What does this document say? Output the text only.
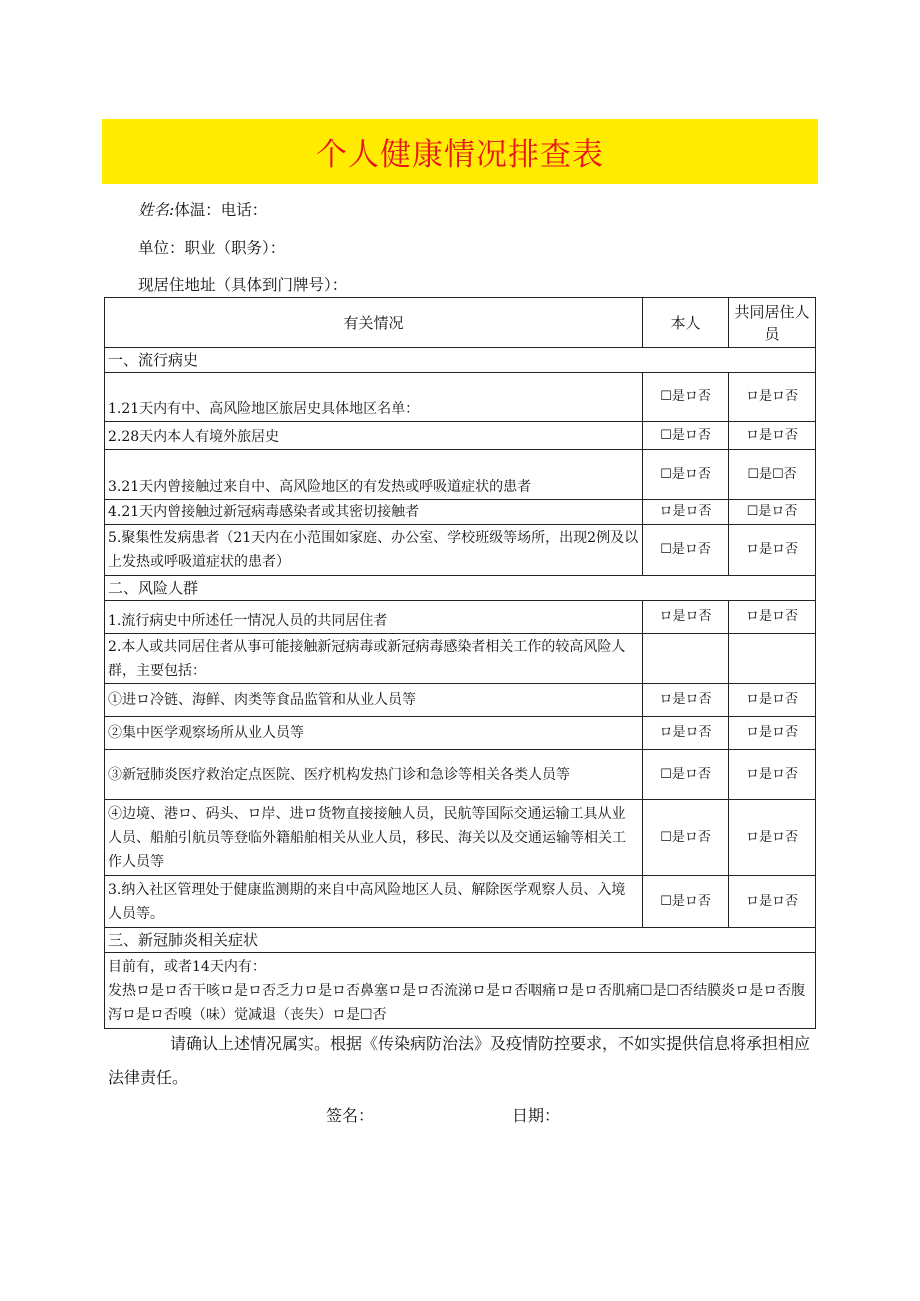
个人健康情况排查表
姓名:体温：电话：
单位：职业（职务）：
现居住地址（具体到门牌号）：
有关情况	本人	共同居住人员
一、流行病史		
1.21天内有中、高风险地区旅居史具体地区名单：	☐是ロ否	ロ是ロ否
2.28天内本人有境外旅居史	☐是ロ否	ロ是ロ否
3.21天内曾接触过来自中、高风险地区的有发热或呼吸道症状的患者	☐是ロ否	☐是☐否
4.21天内曾接触过新冠病毒感染者或其密切接触者	ロ是ロ否	☐是ロ否
5.聚集性发病患者（21天内在小范围如家庭、办公室、学校班级等场所，出现2例及以上发热或呼吸道症状的患者）	☐是ロ否	ロ是ロ否
二、风险人群		
1.流行病史中所述任一情况人员的共同居住者	ロ是ロ否	ロ是ロ否
2.本人或共同居住者从事可能接触新冠病毒或新冠病毒感染者相关工作的较高风险人群，主要包括：		
①进ロ冷链、海鲜、肉类等食品监管和从业人员等	ロ是ロ否	ロ是ロ否
②集中医学观察场所从业人员等	ロ是ロ否	ロ是ロ否
③新冠肺炎医疗救治定点医院、医疗机构发热门诊和急诊等相关各类人员等	☐是ロ否	ロ是ロ否
④边境、港ロ、码头、ロ岸、进ロ货物直接接触人员，民航等国际交通运输工具从业人员、船舶引航员等登临外籍船舶相关从业人员，移民、海关以及交通运输等相关工作人员等	☐是ロ否	ロ是ロ否
3.纳入社区管理处于健康监测期的来自中高风险地区人员、解除医学观察人员、入境人员等。	☐是ロ否	ロ是ロ否
三、新冠肺炎相关症状		

目前有，或者14天内有：
发热ロ是ロ否干咳ロ是ロ否乏力ロ是ロ否鼻塞ロ是ロ否流涕ロ是ロ否咽痛ロ是ロ否肌痛☐是☐否结膜炎ロ是ロ否腹泻ロ是ロ否嗅（味）觉减退（丧失）ロ是☐否		
请确认上述情况属实。根据《传染病防治法》及疫情防控要求，不如实提供信息将承担相应法律责任。
签名：	日期：
